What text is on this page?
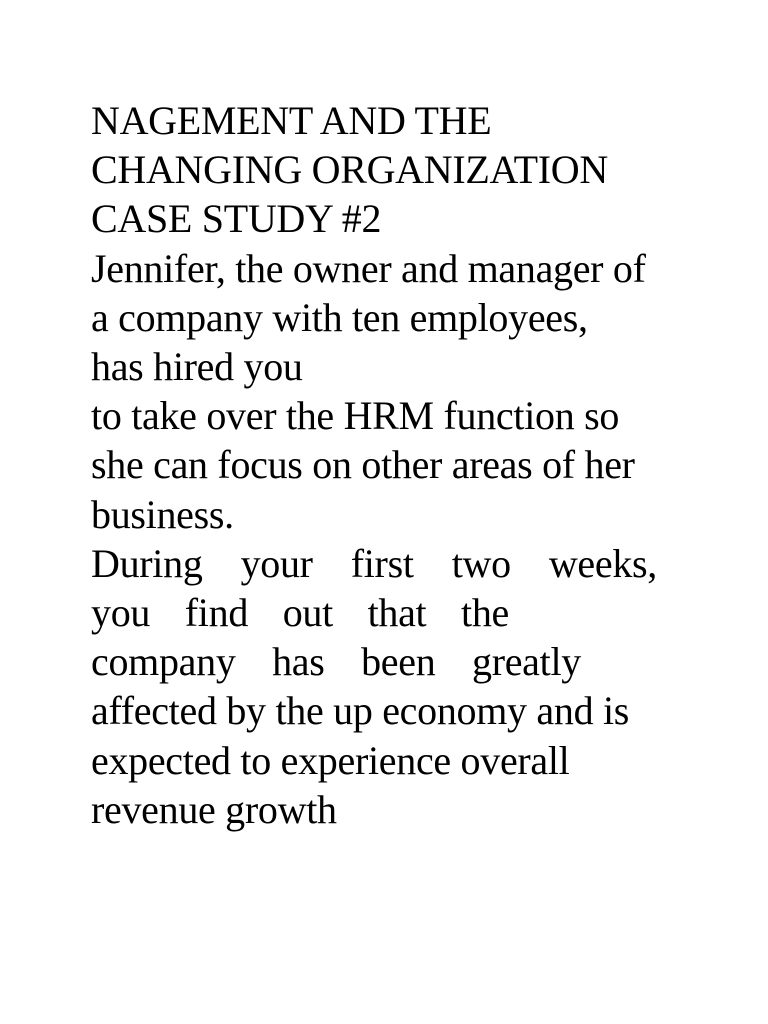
NAGEMENT AND THE
CHANGING ORGANIZATION
CASE STUDY #2
Jennifer, the owner and manager of
a company with ten employees,
has hired you
to take over the HRM function so
she can focus on other areas of her
business.
During your first two weeks,
you find out that the
company has been greatly
affected by the up economy and is
expected to experience overall
revenue growth
